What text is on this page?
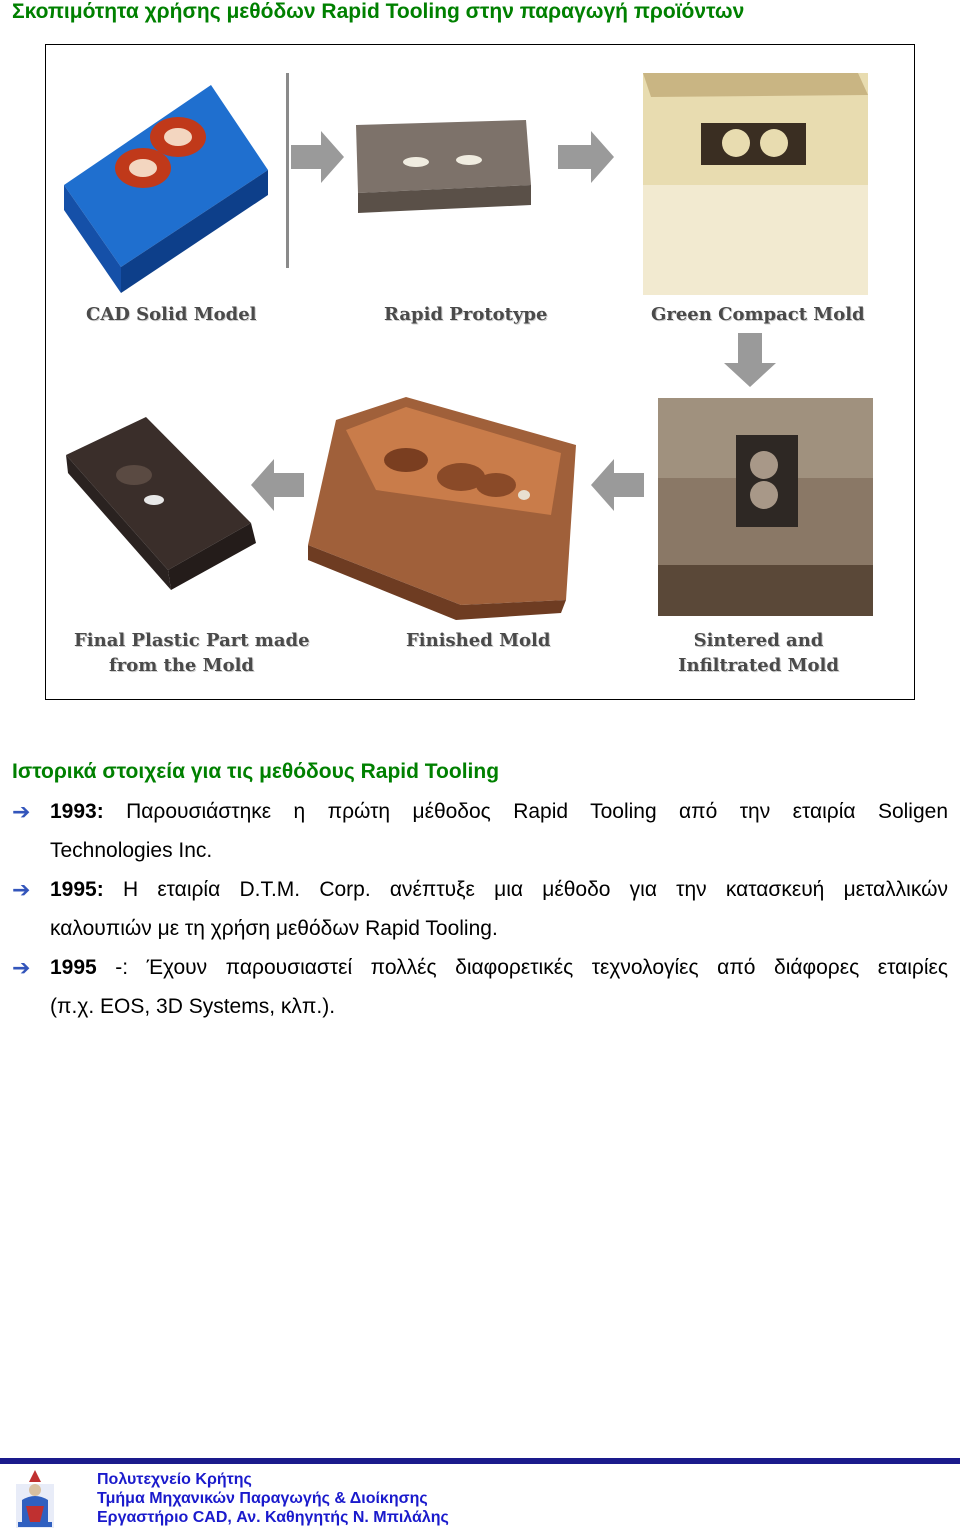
Σκοπιμότητα χρήσης μεθόδων Rapid Tooling στην παραγωγή προϊόντων
CAD Solid Model	Rapid Prototype	Green Compact Mold
Final Plastic Part made
from the Mold
Finished Mold	Sintered and
Infiltrated Mold
Ιστορικά στοιχεία για τις μεθόδους Rapid Tooling
➔ 1993: Παρουσιάστηκε η πρώτη μέθοδος Rapid Tooling από την εταιρία Soligen
Technologies Inc.
➔ 1995: Η εταιρία D.T.M. Corp. ανέπτυξε μια μέθοδο για την κατασκευή μεταλλικών
καλουπιών με τη χρήση μεθόδων Rapid Tooling.
➔ 1995 -: Έχουν παρουσιαστεί πολλές διαφορετικές τεχνολογίες από διάφορες εταιρίες
(π.χ. EOS, 3D Systems, κλπ.).
Πολυτεχνείο Κρήτης
Τμήμα Μηχανικών Παραγωγής & Διοίκησης
Εργαστήριο CAD, Αν. Καθηγητής Ν. Μπιλάλης
